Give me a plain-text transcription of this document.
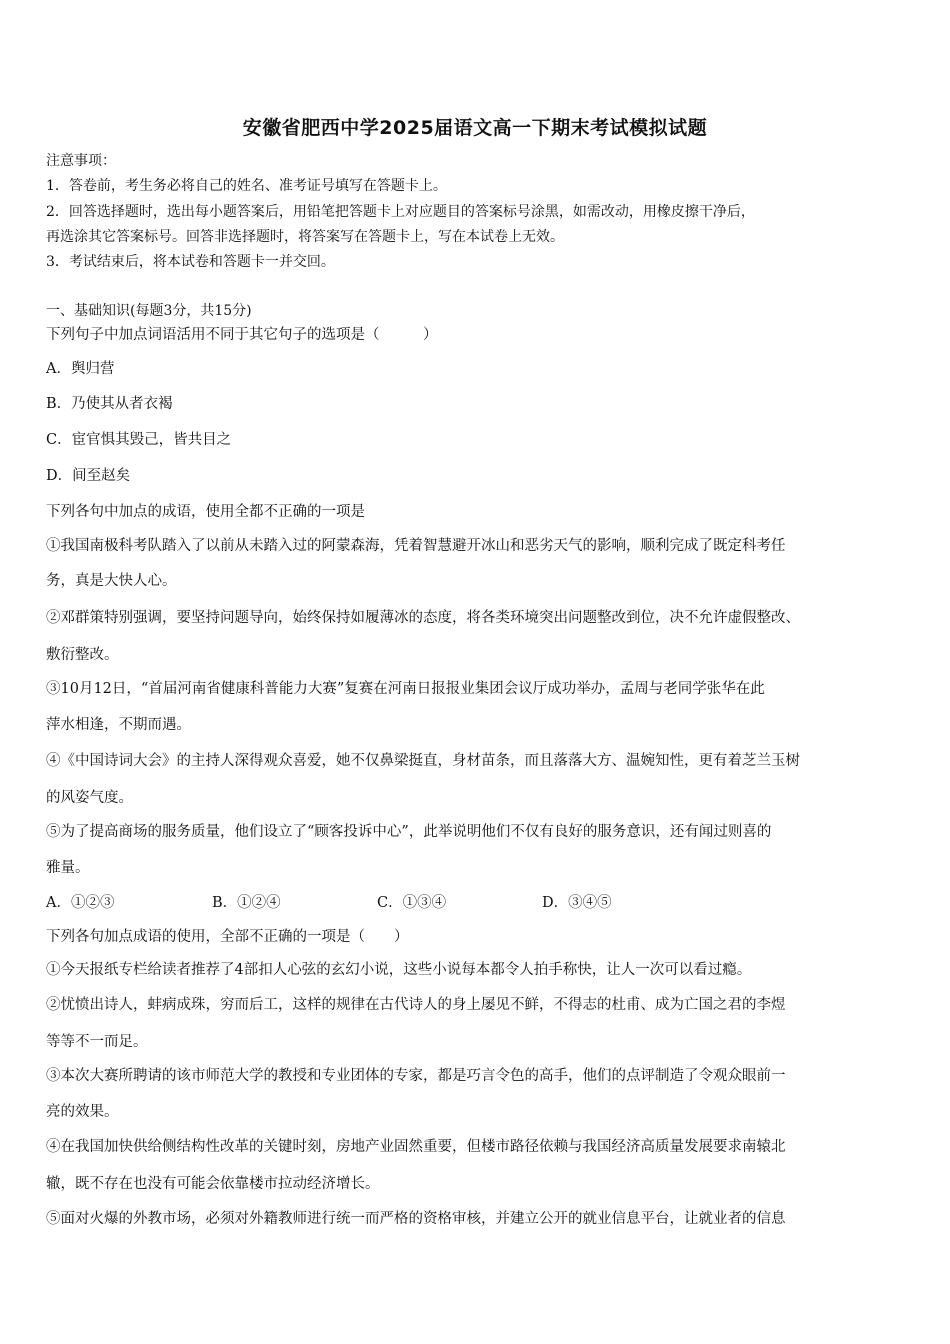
安徽省肥西中学2025届语文高一下期末考试模拟试题
注意事项：
1．答卷前，考生务必将自己的姓名、准考证号填写在答题卡上。
2．回答选择题时，选出每小题答案后，用铅笔把答题卡上对应题目的答案标号涂黑，如需改动，用橡皮擦干净后，
再选涂其它答案标号。回答非选择题时，将答案写在答题卡上，写在本试卷上无效。
3．考试结束后，将本试卷和答题卡一并交回。
一、基础知识(每题3分，共15分)
下列句子中加点词语活用不同于其它句子的选项是（　　　）
A．舆归营
B．乃使其从者衣褐
C．宦官惧其毁己，皆共目之
D．间至赵矣
下列各句中加点的成语，使用全都不正确的一项是
①我国南极科考队踏入了以前从未踏入过的阿蒙森海，凭着智慧避开冰山和恶劣天气的影响，顺利完成了既定科考任
务，真是大快人心。
②邓群策特别强调，要坚持问题导向，始终保持如履薄冰的态度，将各类环境突出问题整改到位，决不允许虚假整改、
敷衍整改。
③10月12日，“首届河南省健康科普能力大赛”复赛在河南日报报业集团会议厅成功举办，孟周与老同学张华在此
萍水相逢，不期而遇。
④《中国诗词大会》的主持人深得观众喜爱，她不仅鼻梁挺直，身材苗条，而且落落大方、温婉知性，更有着芝兰玉树
的风姿气度。
⑤为了提高商场的服务质量，他们设立了“顾客投诉中心”，此举说明他们不仅有良好的服务意识，还有闻过则喜的
雅量。
A．①②③	B．①②④	C．①③④	D．③④⑤
下列各句加点成语的使用，全部不正确的一项是（　　）
①今天报纸专栏给读者推荐了4部扣人心弦的玄幻小说，这些小说每本都令人拍手称快，让人一次可以看过瘾。
②忧愤出诗人，蚌病成珠，穷而后工，这样的规律在古代诗人的身上屡见不鲜，不得志的杜甫、成为亡国之君的李煜
等等不一而足。
③本次大赛所聘请的该市师范大学的教授和专业团体的专家，都是巧言令色的高手，他们的点评制造了令观众眼前一
亮的效果。
④在我国加快供给侧结构性改革的关键时刻，房地产业固然重要，但楼市路径依赖与我国经济高质量发展要求南辕北
辙，既不存在也没有可能会依靠楼市拉动经济增长。
⑤面对火爆的外教市场，必须对外籍教师进行统一而严格的资格审核，并建立公开的就业信息平台，让就业者的信息
